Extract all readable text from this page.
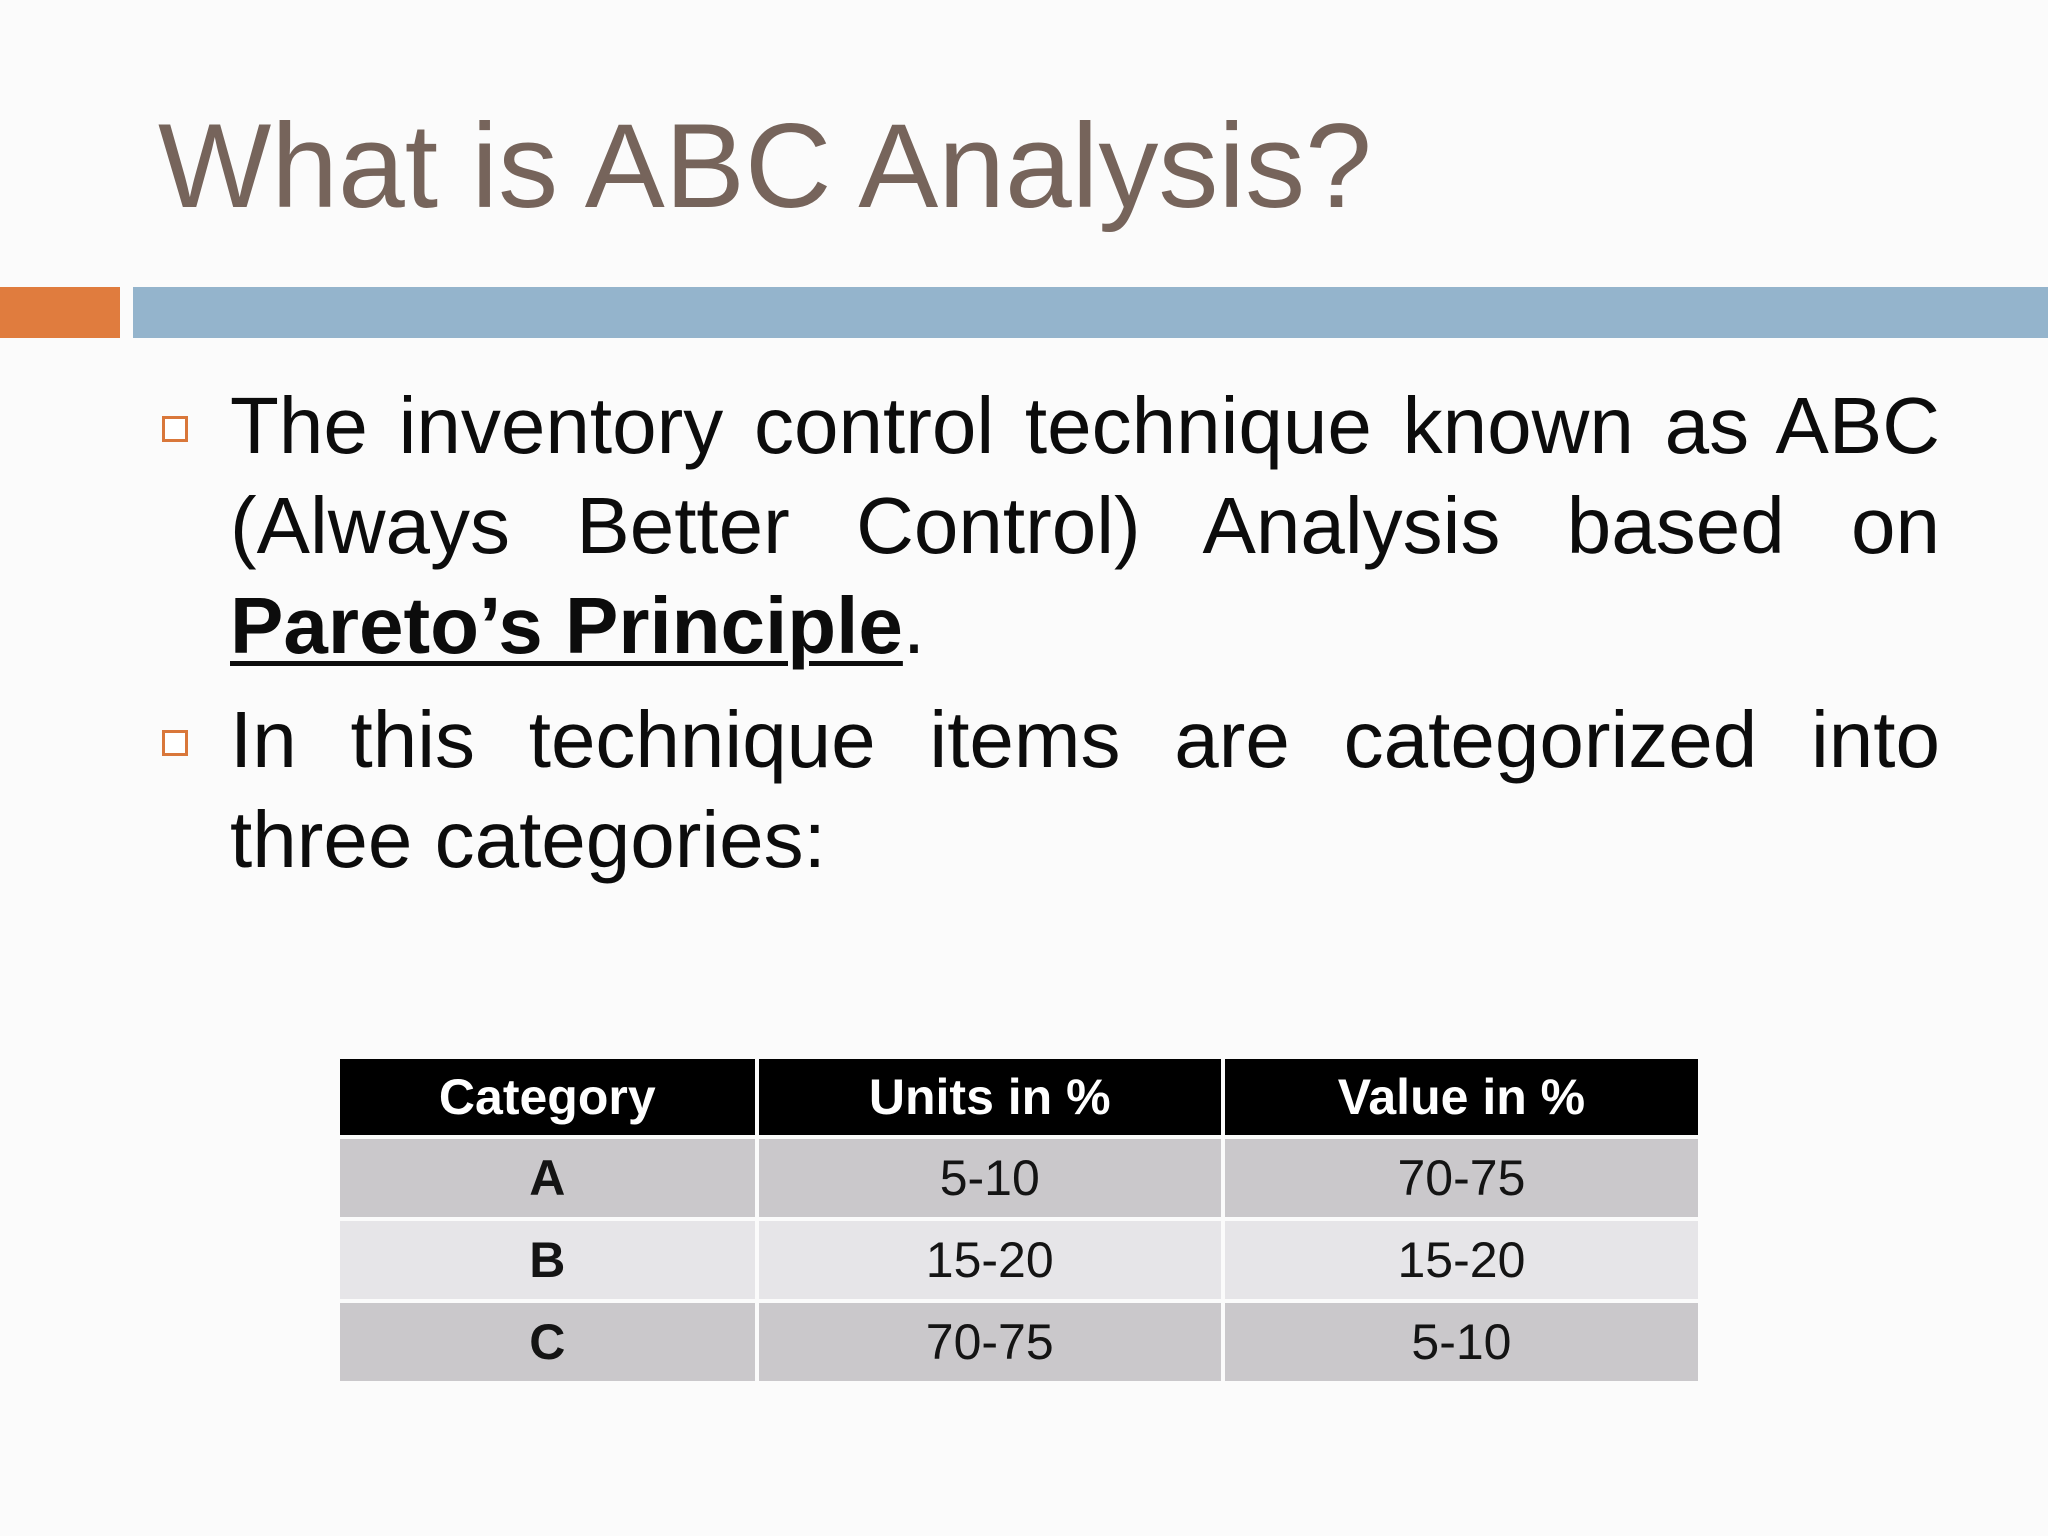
What is ABC Analysis?
The inventory control technique known as ABC (Always Better Control) Analysis based on Pareto’s Principle.
In this technique items are categorized into three categories:
Category	Units in %	Value in %
A	5-10	70-75
B	15-20	15-20
C	70-75	5-10
